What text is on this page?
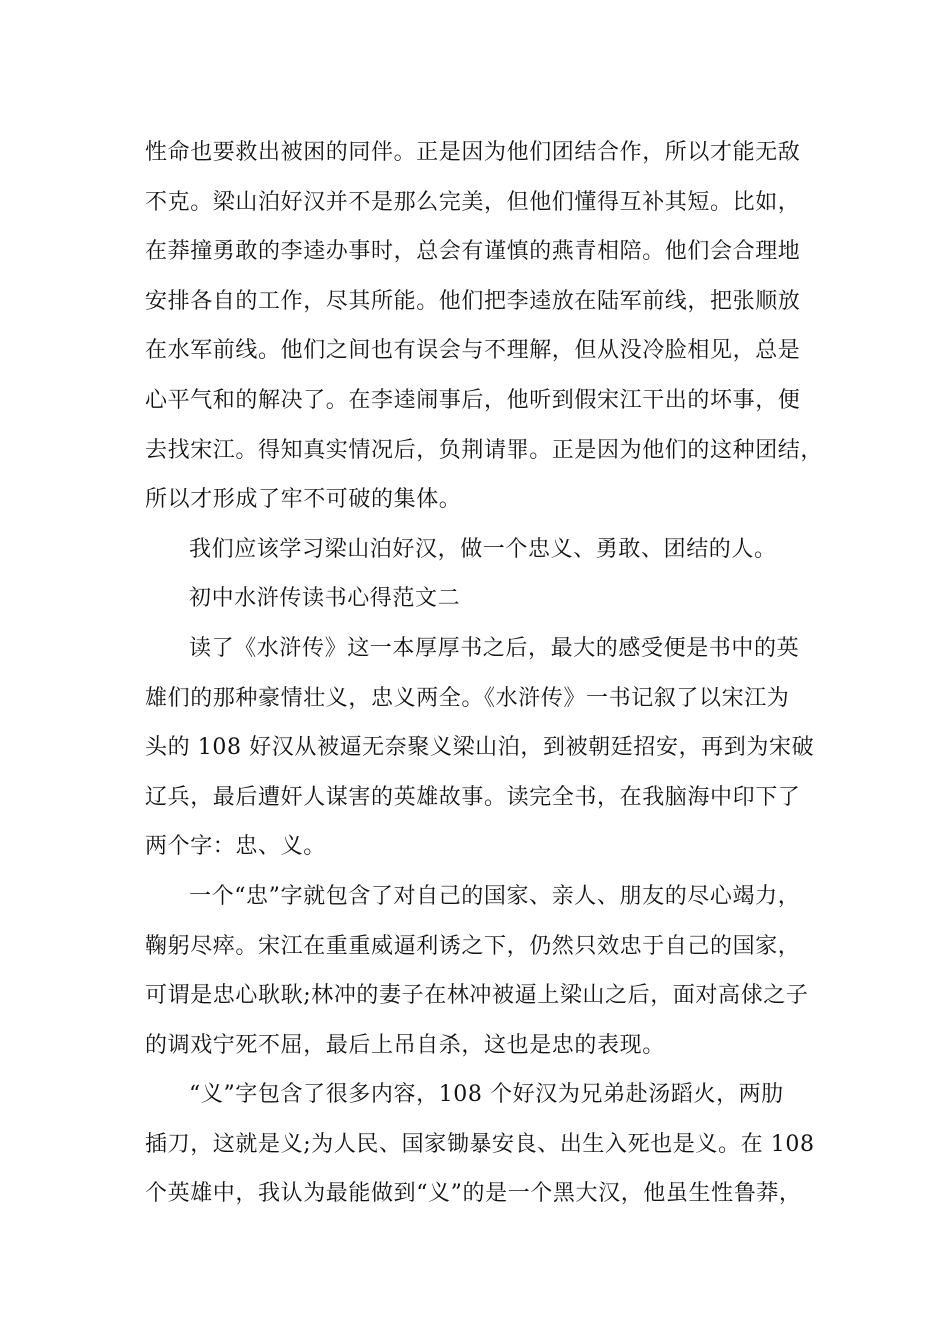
性命也要救出被困的同伴。正是因为他们团结合作，所以才能无敌
不克。梁山泊好汉并不是那么完美，但他们懂得互补其短。比如，
在莽撞勇敢的李逵办事时，总会有谨慎的燕青相陪。他们会合理地
安排各自的工作，尽其所能。他们把李逵放在陆军前线，把张顺放
在水军前线。他们之间也有误会与不理解，但从没冷脸相见，总是
心平气和的解决了。在李逵闹事后，他听到假宋江干出的坏事，便
去找宋江。得知真实情况后，负荆请罪。正是因为他们的这种团结，
所以才形成了牢不可破的集体。
我们应该学习梁山泊好汉，做一个忠义、勇敢、团结的人。
初中水浒传读书心得范文二
读了《水浒传》这一本厚厚书之后，最大的感受便是书中的英
雄们的那种豪情壮义，忠义两全。《水浒传》一书记叙了以宋江为
头的 108 好汉从被逼无奈聚义梁山泊，到被朝廷招安，再到为宋破
辽兵，最后遭奸人谋害的英雄故事。读完全书，在我脑海中印下了
两个字：忠、义。
一个“忠”字就包含了对自己的国家、亲人、朋友的尽心竭力，
鞠躬尽瘁。宋江在重重威逼利诱之下，仍然只效忠于自己的国家，
可谓是忠心耿耿;林冲的妻子在林冲被逼上梁山之后，面对高俅之子
的调戏宁死不屈，最后上吊自杀，这也是忠的表现。
“义”字包含了很多内容，108 个好汉为兄弟赴汤蹈火，两肋
插刀，这就是义;为人民、国家锄暴安良、出生入死也是义。在 108
个英雄中，我认为最能做到“义”的是一个黑大汉，他虽生性鲁莽，
